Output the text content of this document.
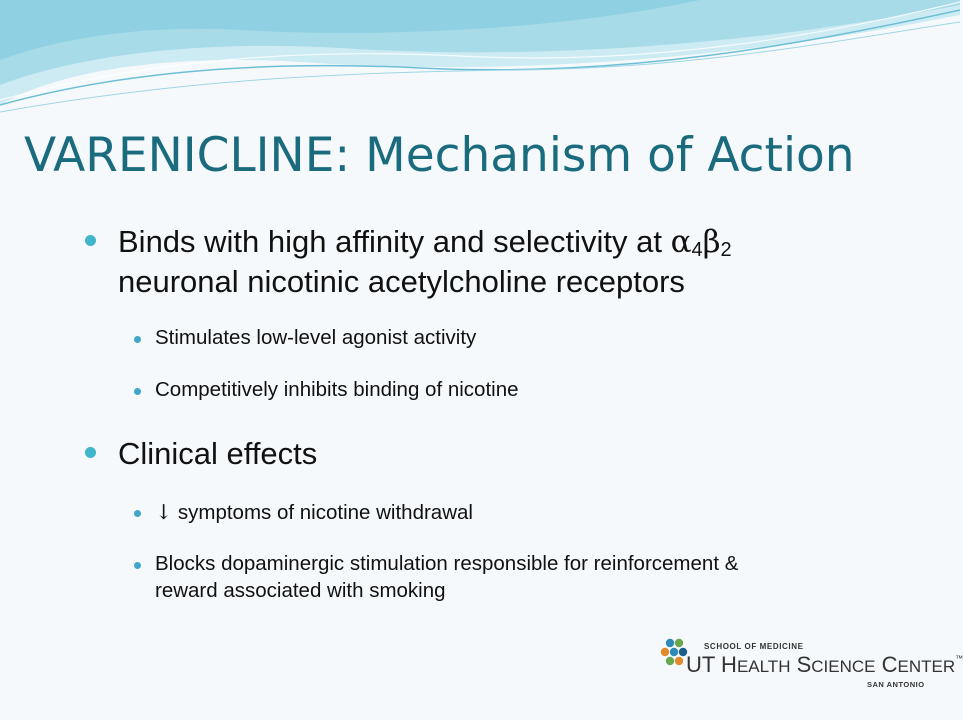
VARENICLINE: Mechanism of Action
Binds with high affinity and selectivity at $\alpha_4\beta_2$
neuronal nicotinic acetylcholine receptors
Stimulates low-level agonist activity
Competitively inhibits binding of nicotine
Clinical effects
↓ symptoms of nicotine withdrawal
Blocks dopaminergic stimulation responsible for reinforcement &
reward associated with smoking
SCHOOL OF MEDICINE
UT HEALTH SCIENCE CENTER™
SAN ANTONIO
